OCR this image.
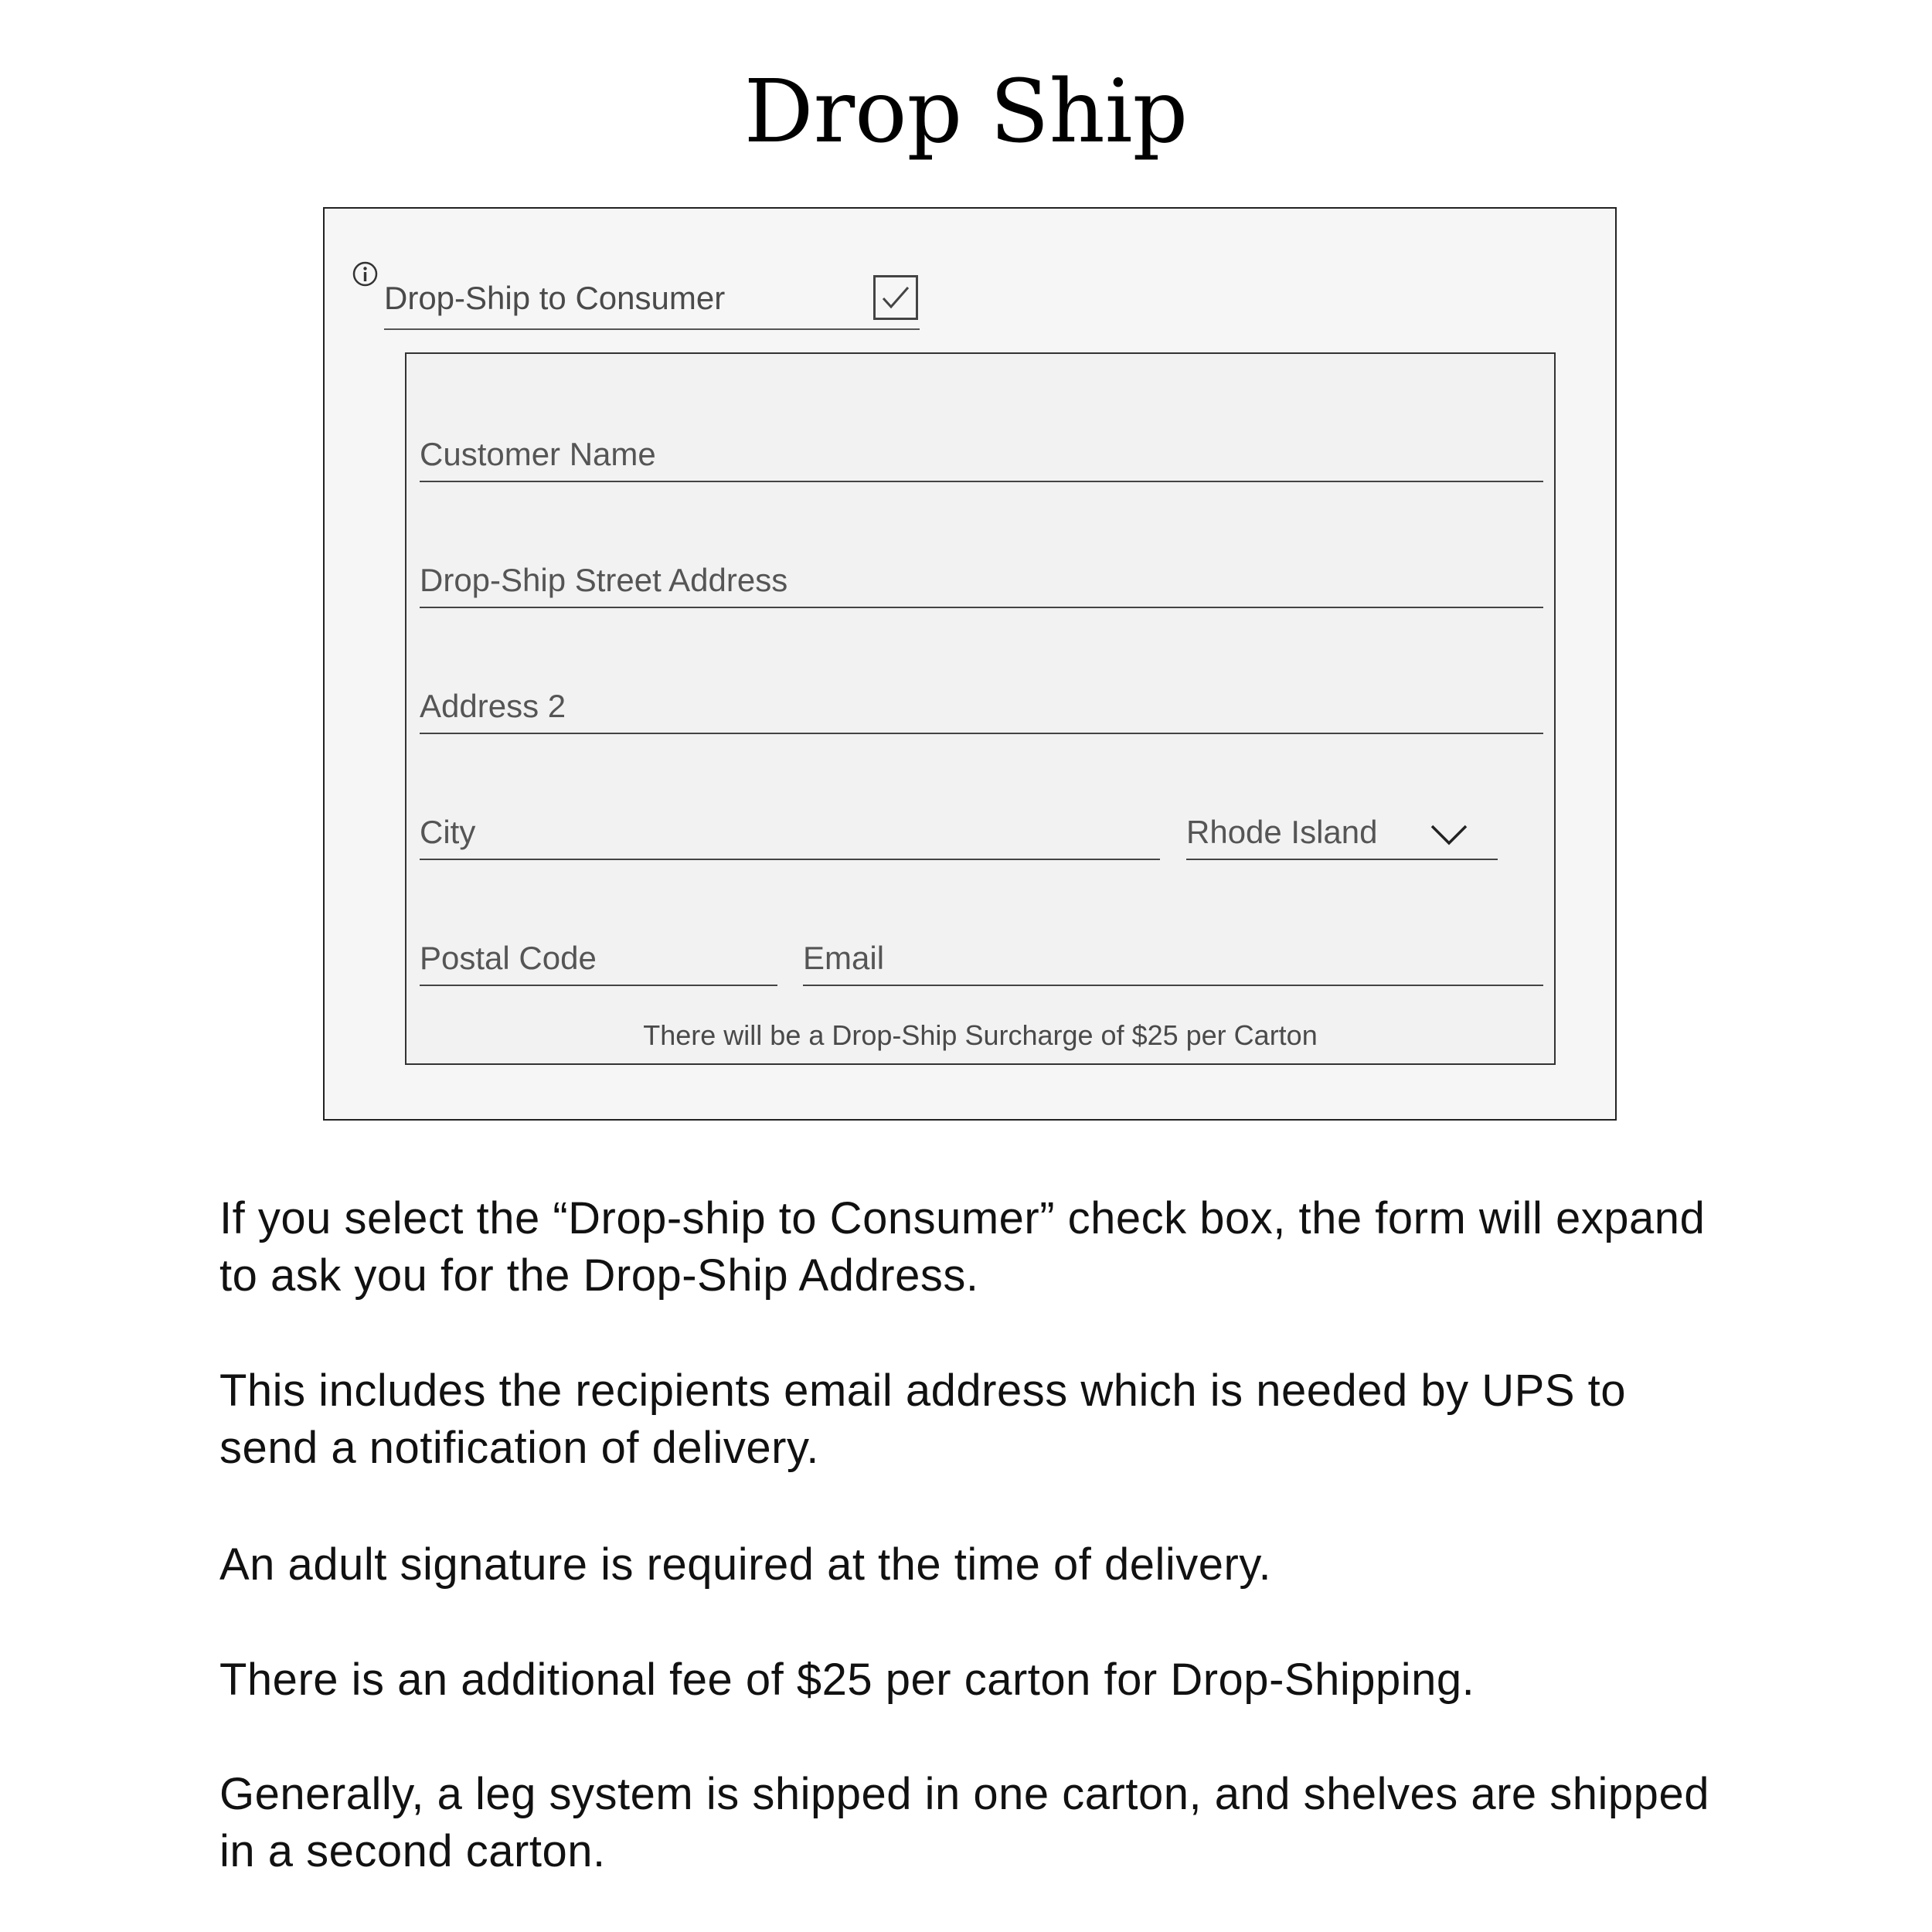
Drop Ship
Drop-Ship to Consumer
Customer Name
Drop-Ship Street Address
Address 2
City	Rhode Island
Postal Code	Email
There will be a Drop-Ship Surcharge of $25 per Carton

If you select the “Drop-ship to Consumer” check box, the form will expand to ask you for the Drop-Ship Address.

This includes the recipients email address which is needed by UPS to send a notification of delivery.

An adult signature is required at the time of delivery.

There is an additional fee of $25 per carton for Drop-Shipping.

Generally, a leg system is shipped in one carton, and shelves are shipped in a second carton.
